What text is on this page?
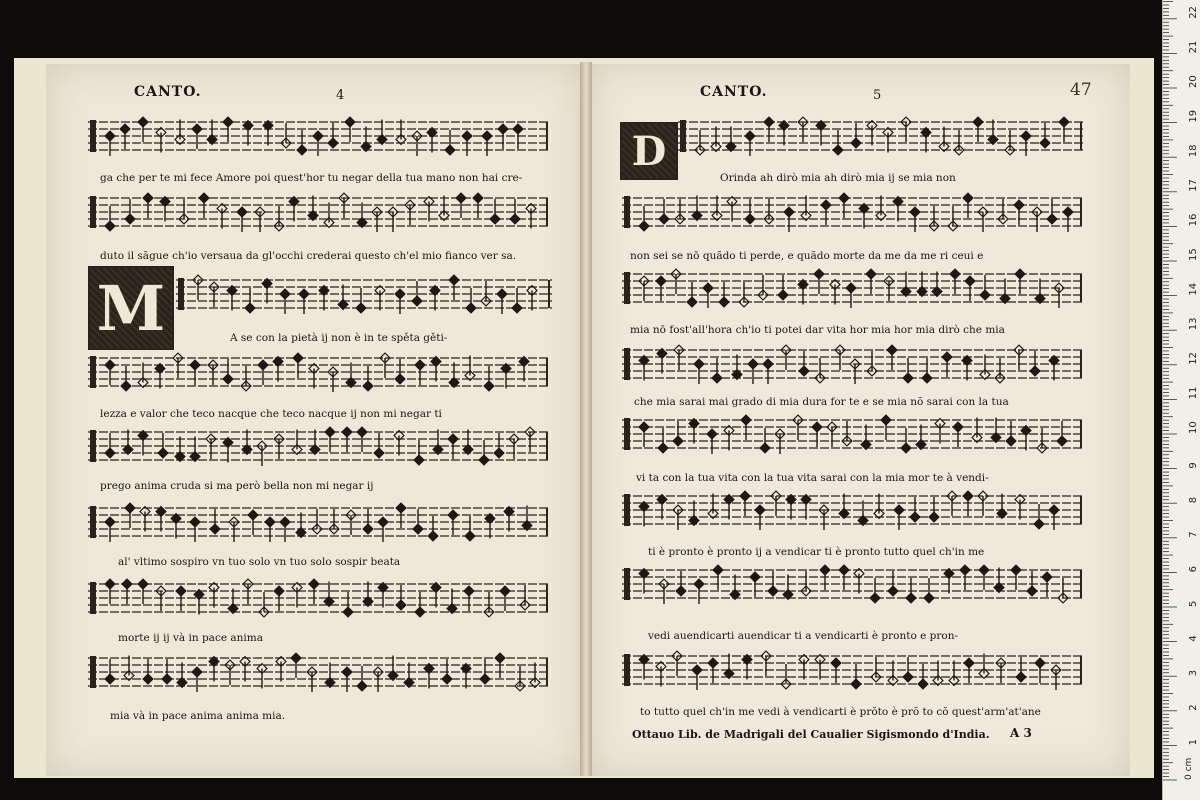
CANTO.	4	CANTO.	5	47
M
D
ga che per te mi fece Amore poi quest'hor tu negar della tua mano non hai cre-
duto il sãgue ch'io versaua da gl'occhi crederai questo ch'el mio fianco ver sa.
A se con la pietà ij non è in te spěta gěti-
lezza e valor che teco nacque che teco nacque ij non mi negar ti
prego anima cruda si ma però bella non mi negar ij
al' vltimo sospiro vn tuo solo vn tuo solo sospir beata
morte ij ij và in pace anima
mia và in pace anima anima mia.
Orinda ah dirò mia ah dirò mia ij se mia non
non sei se nō quãdo ti perde, e quãdo morte da me da me ri ceui e
mia nō fost'all'hora ch'io ti potei dar vita hor mia hor mia dirò che mia
che mia sarai mai grado di mia dura for te e se mia nõ sarai con la tua
vi ta con la tua vita con la tua vita sarai con la mia mor te à vendi-
ti è pronto è pronto ij a vendicar ti è pronto tutto quel ch'in me
vedi auendicarti auendicar ti a vendicarti è pronto e pron-
to tutto quel ch'in me vedi à vendicarti è prŏto è prŏ to cŏ quest'arm'at'ane
Ottauo Lib. de Madrigali del Caualier Sigismondo d'India. A 3
0 cm
1
2
3
4
5
6
7
8
9
10
11
12
13
14
15
16
17
18
19
20
21
22
